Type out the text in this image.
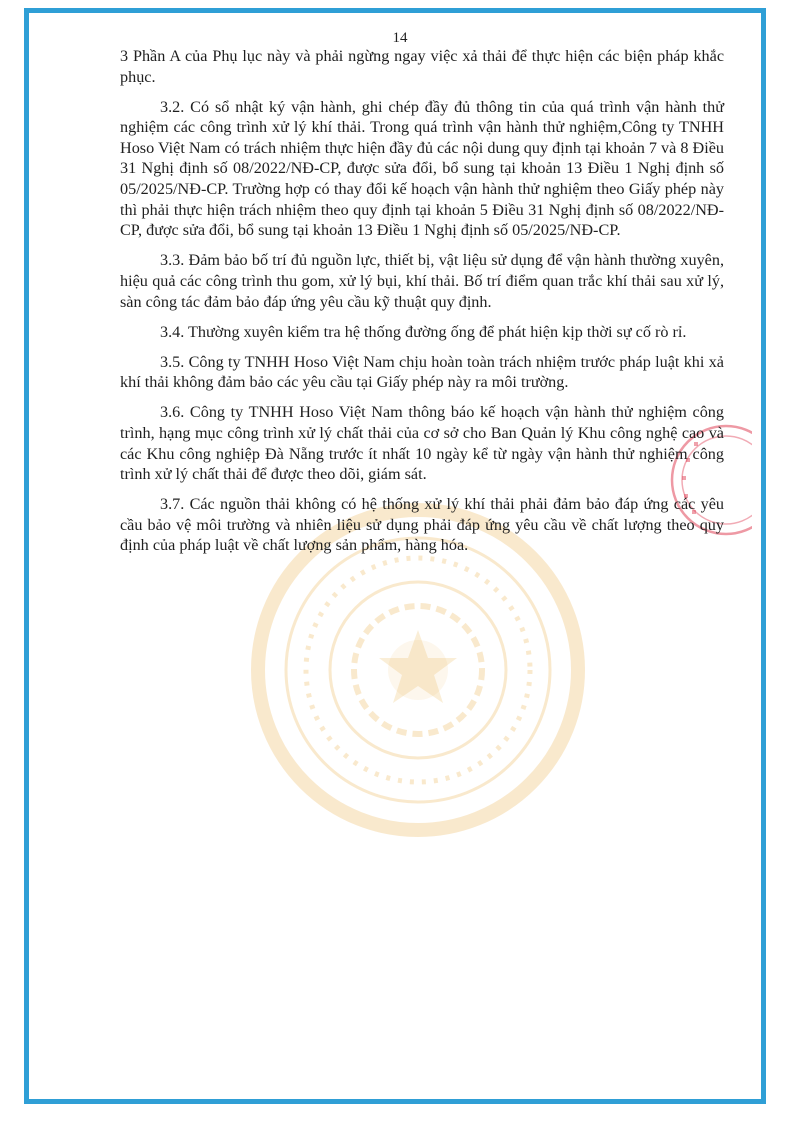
14

3 Phần A của Phụ lục này và phải ngừng ngay việc xả thải để thực hiện các biện pháp khắc phục.

3.2. Có sổ nhật ký vận hành, ghi chép đầy đủ thông tin của quá trình vận hành thử nghiệm các công trình xử lý khí thải. Trong quá trình vận hành thử nghiệm,Công ty TNHH Hoso Việt Nam có trách nhiệm thực hiện đầy đủ các nội dung quy định tại khoản 7 và 8 Điều 31 Nghị định số 08/2022/NĐ-CP, được sửa đổi, bổ sung tại khoản 13 Điều 1 Nghị định số 05/2025/NĐ-CP. Trường hợp có thay đổi kế hoạch vận hành thử nghiệm theo Giấy phép này thì phải thực hiện trách nhiệm theo quy định tại khoản 5 Điều 31 Nghị định số 08/2022/NĐ-CP, được sửa đổi, bổ sung tại khoản 13 Điều 1 Nghị định số 05/2025/NĐ-CP.

3.3. Đảm bảo bố trí đủ nguồn lực, thiết bị, vật liệu sử dụng để vận hành thường xuyên, hiệu quả các công trình thu gom, xử lý bụi, khí thải. Bố trí điểm quan trắc khí thải sau xử lý, sàn công tác đảm bảo đáp ứng yêu cầu kỹ thuật quy định.

3.4. Thường xuyên kiểm tra hệ thống đường ống để phát hiện kịp thời sự cố rò rỉ.

3.5. Công ty TNHH Hoso Việt Nam chịu hoàn toàn trách nhiệm trước pháp luật khi xả khí thải không đảm bảo các yêu cầu tại Giấy phép này ra môi trường.

3.6. Công ty TNHH Hoso Việt Nam thông báo kế hoạch vận hành thử nghiệm công trình, hạng mục công trình xử lý chất thải của cơ sở cho Ban Quản lý Khu công nghệ cao và các Khu công nghiệp Đà Nẵng trước ít nhất 10 ngày kể từ ngày vận hành thử nghiệm công trình xử lý chất thải để được theo dõi, giám sát.

3.7. Các nguồn thải không có hệ thống xử lý khí thải phải đảm bảo đáp ứng các yêu cầu bảo vệ môi trường và nhiên liệu sử dụng phải đáp ứng yêu cầu về chất lượng theo quy định của pháp luật về chất lượng sản phẩm, hàng hóa.
